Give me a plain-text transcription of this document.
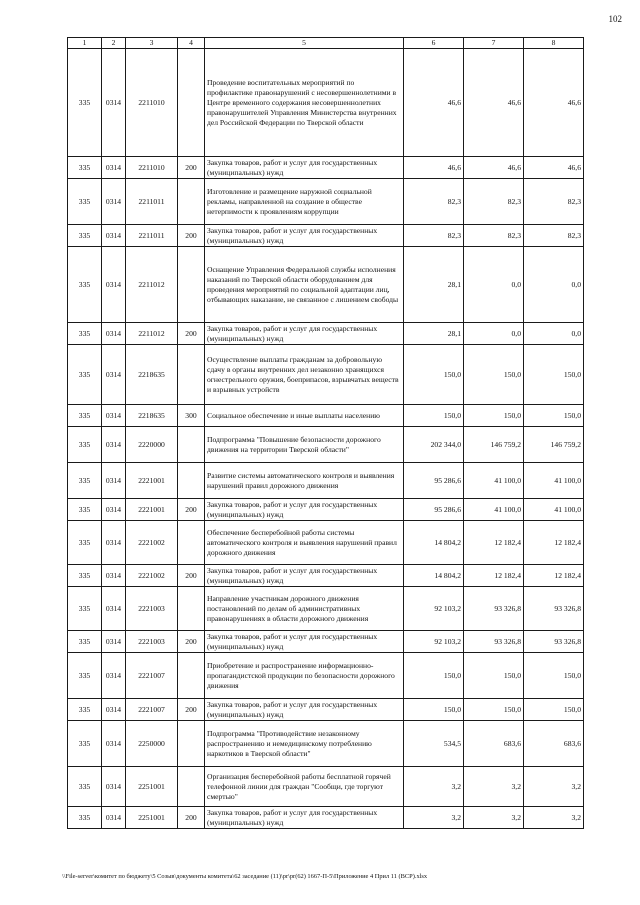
102
1	2	3	4	5	6	7	8
335	0314	2211010		Проведение воспитательных мероприятий по профилактике правонарушений с несовершеннолетними в Центре временного содержания несовершеннолетних правонарушителей Управления Министерства внутренних дел Российской Федерации по Тверской области	46,6	46,6	46,6
335	0314	2211010	200	Закупка товаров, работ и услуг для государственных (муниципальных) нужд	46,6	46,6	46,6
335	0314	2211011		Изготовление и размещение наружной социальной рекламы, направленной на создание в обществе нетерпимости к проявлениям коррупции	82,3	82,3	82,3
335	0314	2211011	200	Закупка товаров, работ и услуг для государственных (муниципальных) нужд	82,3	82,3	82,3
335	0314	2211012		Оснащение Управления Федеральной службы исполнения наказаний по Тверской области оборудованием для проведения мероприятий по социальной адаптации лиц, отбывающих наказание, не связанное с лишением свободы	28,1	0,0	0,0
335	0314	2211012	200	Закупка товаров, работ и услуг для государственных (муниципальных) нужд	28,1	0,0	0,0
335	0314	2218635		Осуществление выплаты гражданам за добровольную сдачу в органы внутренних дел незаконно хранящихся огнестрельного оружия, боеприпасов, взрывчатых веществ и взрывных устройств	150,0	150,0	150,0
335	0314	2218635	300	Социальное обеспечение и иные выплаты населению	150,0	150,0	150,0
335	0314	2220000		Подпрограмма "Повышение безопасности дорожного движения на территории Тверской области"	202 344,0	146 759,2	146 759,2
335	0314	2221001		Развитие системы автоматического контроля и выявления нарушений правил дорожного движения	95 286,6	41 100,0	41 100,0
335	0314	2221001	200	Закупка товаров, работ и услуг для государственных (муниципальных) нужд	95 286,6	41 100,0	41 100,0
335	0314	2221002		Обеспечение бесперебойной работы системы автоматического контроля и выявления нарушений правил дорожного движения	14 804,2	12 182,4	12 182,4
335	0314	2221002	200	Закупка товаров, работ и услуг для государственных (муниципальных) нужд	14 804,2	12 182,4	12 182,4
335	0314	2221003		Направление участникам дорожного движения постановлений по делам об административных правонарушениях в области дорожного движения	92 103,2	93 326,8	93 326,8
335	0314	2221003	200	Закупка товаров, работ и услуг для государственных (муниципальных) нужд	92 103,2	93 326,8	93 326,8
335	0314	2221007		Приобретение и распространение информационно-пропагандистской продукции по безопасности дорожного движения	150,0	150,0	150,0
335	0314	2221007	200	Закупка товаров, работ и услуг для государственных (муниципальных) нужд	150,0	150,0	150,0
335	0314	2250000		Подпрограмма "Противодействие незаконному распространению и немедицинскому потреблению наркотиков в Тверской области"	534,5	683,6	683,6
335	0314	2251001		Организация бесперебойной работы бесплатной горячей телефонной линии для граждан "Сообщи, где торгуют смертью"	3,2	3,2	3,2
335	0314	2251001	200	Закупка товаров, работ и услуг для государственных (муниципальных) нужд	3,2	3,2	3,2
\\File-server\комитет по бюджету\5 Созыв\документы комитета\62 заседание (11)\pr\pr(62) 1667-П-5\Приложение 4 Прил 11 (ВСР).xlsx
